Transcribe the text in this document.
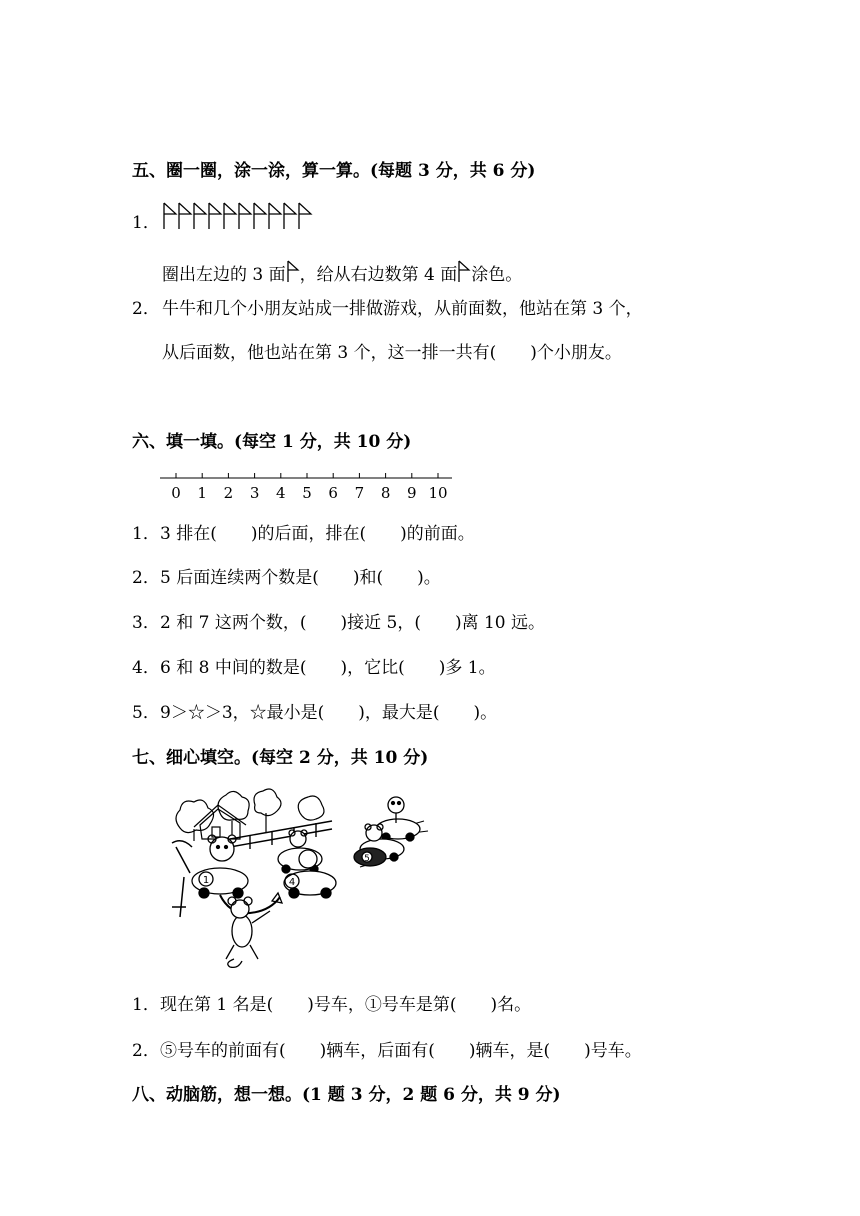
五、圈一圈，涂一涂，算一算。(每题 3 分，共 6 分)
1．
圈出左边的 3 面 ，给从右边数第 4 面 涂色。
2． 牛牛和几个小朋友站成一排做游戏，从前面数，他站在第 3 个，
从后面数，他也站在第 3 个，这一排一共有(　　)个小朋友。
六、填一填。(每空 1 分，共 10 分)
0 1 2 3 4 5 6 7 8 9 10
1． 3 排在(　　)的后面，排在(　　)的前面。
2． 5 后面连续两个数是(　　)和(　　)。
3． 2 和 7 这两个数，(　　)接近 5，(　　)离 10 远。
4． 6 和 8 中间的数是(　　)，它比(　　)多 1。
5． 9＞☆＞3，☆最小是(　　)，最大是(　　)。
七、细心填空。(每空 2 分，共 10 分)
5
4
1
1． 现在第 1 名是(　　)号车，①号车是第(　　)名。
2． ⑤号车的前面有(　　)辆车，后面有(　　)辆车，是(　　)号车。
八、动脑筋，想一想。(1 题 3 分，2 题 6 分，共 9 分)
